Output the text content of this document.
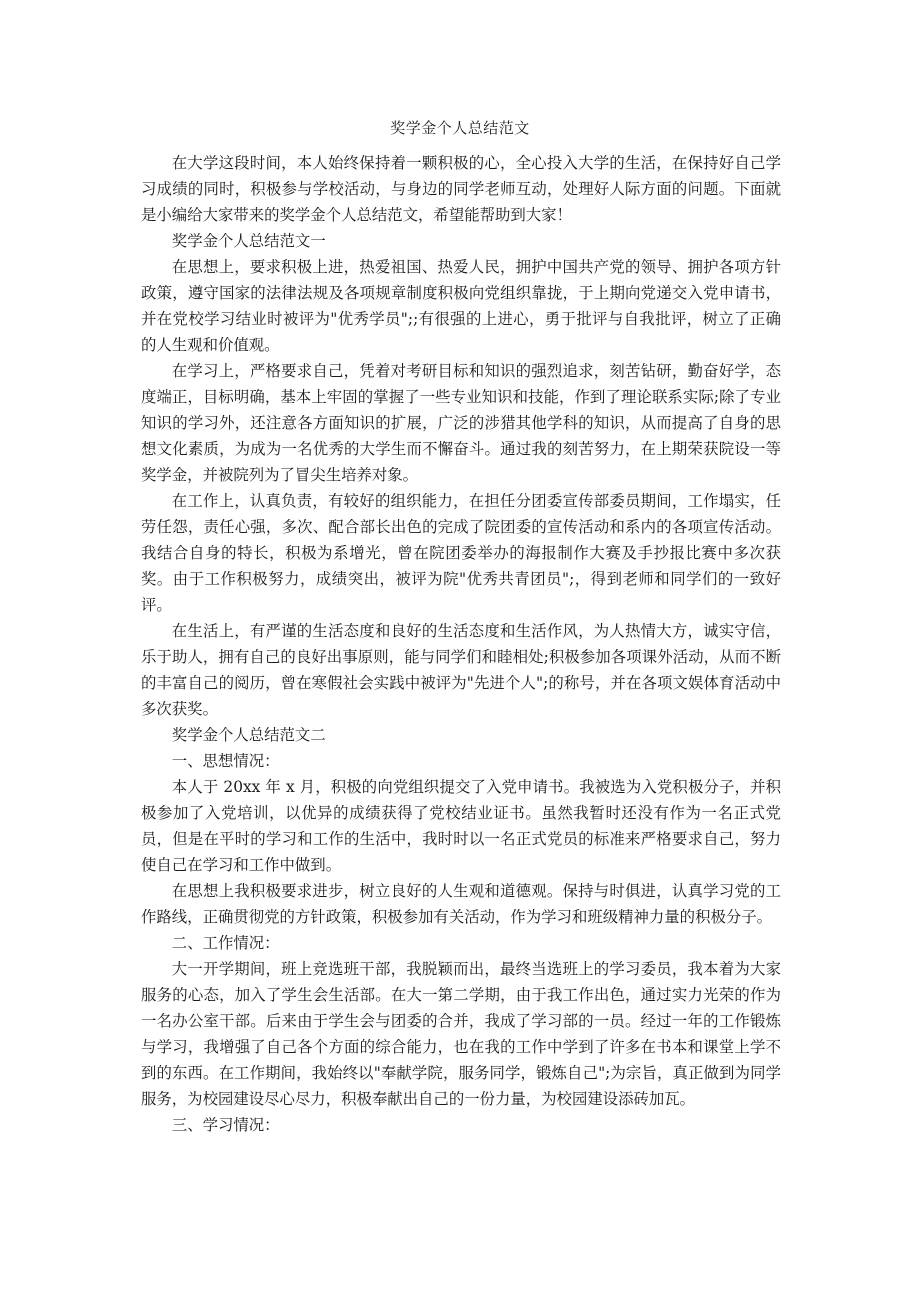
奖学金个人总结范文

在大学这段时间，本人始终保持着一颗积极的心，全心投入大学的生活，在保持好自己学习成绩的同时，积极参与学校活动，与身边的同学老师互动，处理好人际方面的问题。下面就是小编给大家带来的奖学金个人总结范文，希望能帮助到大家！

奖学金个人总结范文一

在思想上，要求积极上进，热爱祖国、热爱人民，拥护中国共产党的领导、拥护各项方针政策，遵守国家的法律法规及各项规章制度积极向党组织靠拢，于上期向党递交入党申请书，并在党校学习结业时被评为"优秀学员";;有很强的上进心，勇于批评与自我批评，树立了正确的人生观和价值观。

在学习上，严格要求自己，凭着对考研目标和知识的强烈追求，刻苦钻研，勤奋好学，态度端正，目标明确，基本上牢固的掌握了一些专业知识和技能，作到了理论联系实际;除了专业知识的学习外，还注意各方面知识的扩展，广泛的涉猎其他学科的知识，从而提高了自身的思想文化素质，为成为一名优秀的大学生而不懈奋斗。通过我的刻苦努力，在上期荣获院设一等奖学金，并被院列为了冒尖生培养对象。

在工作上，认真负责，有较好的组织能力，在担任分团委宣传部委员期间，工作塌实，任劳任怨，责任心强，多次、配合部长出色的完成了院团委的宣传活动和系内的各项宣传活动。我结合自身的特长，积极为系增光，曾在院团委举办的海报制作大赛及手抄报比赛中多次获奖。由于工作积极努力，成绩突出，被评为院"优秀共青团员";，得到老师和同学们的一致好评。

在生活上，有严谨的生活态度和良好的生活态度和生活作风，为人热情大方，诚实守信，乐于助人，拥有自己的良好出事原则，能与同学们和睦相处;积极参加各项课外活动，从而不断的丰富自己的阅历，曾在寒假社会实践中被评为"先进个人";的称号，并在各项文娱体育活动中多次获奖。

奖学金个人总结范文二

一、思想情况：

本人于 20xx 年 x 月，积极的向党组织提交了入党申请书。我被选为入党积极分子，并积极参加了入党培训，以优异的成绩获得了党校结业证书。虽然我暂时还没有作为一名正式党员，但是在平时的学习和工作的生活中，我时时以一名正式党员的标准来严格要求自己，努力使自己在学习和工作中做到。

在思想上我积极要求进步，树立良好的人生观和道德观。保持与时俱进，认真学习党的工作路线，正确贯彻党的方针政策，积极参加有关活动，作为学习和班级精神力量的积极分子。

二、工作情况：

大一开学期间，班上竞选班干部，我脱颖而出，最终当选班上的学习委员，我本着为大家服务的心态，加入了学生会生活部。在大一第二学期，由于我工作出色，通过实力光荣的作为一名办公室干部。后来由于学生会与团委的合并，我成了学习部的一员。经过一年的工作锻炼与学习，我增强了自己各个方面的综合能力，也在我的工作中学到了许多在书本和课堂上学不到的东西。在工作期间，我始终以"奉献学院，服务同学，锻炼自己";为宗旨，真正做到为同学服务，为校园建设尽心尽力，积极奉献出自己的一份力量，为校园建设添砖加瓦。

三、学习情况：
